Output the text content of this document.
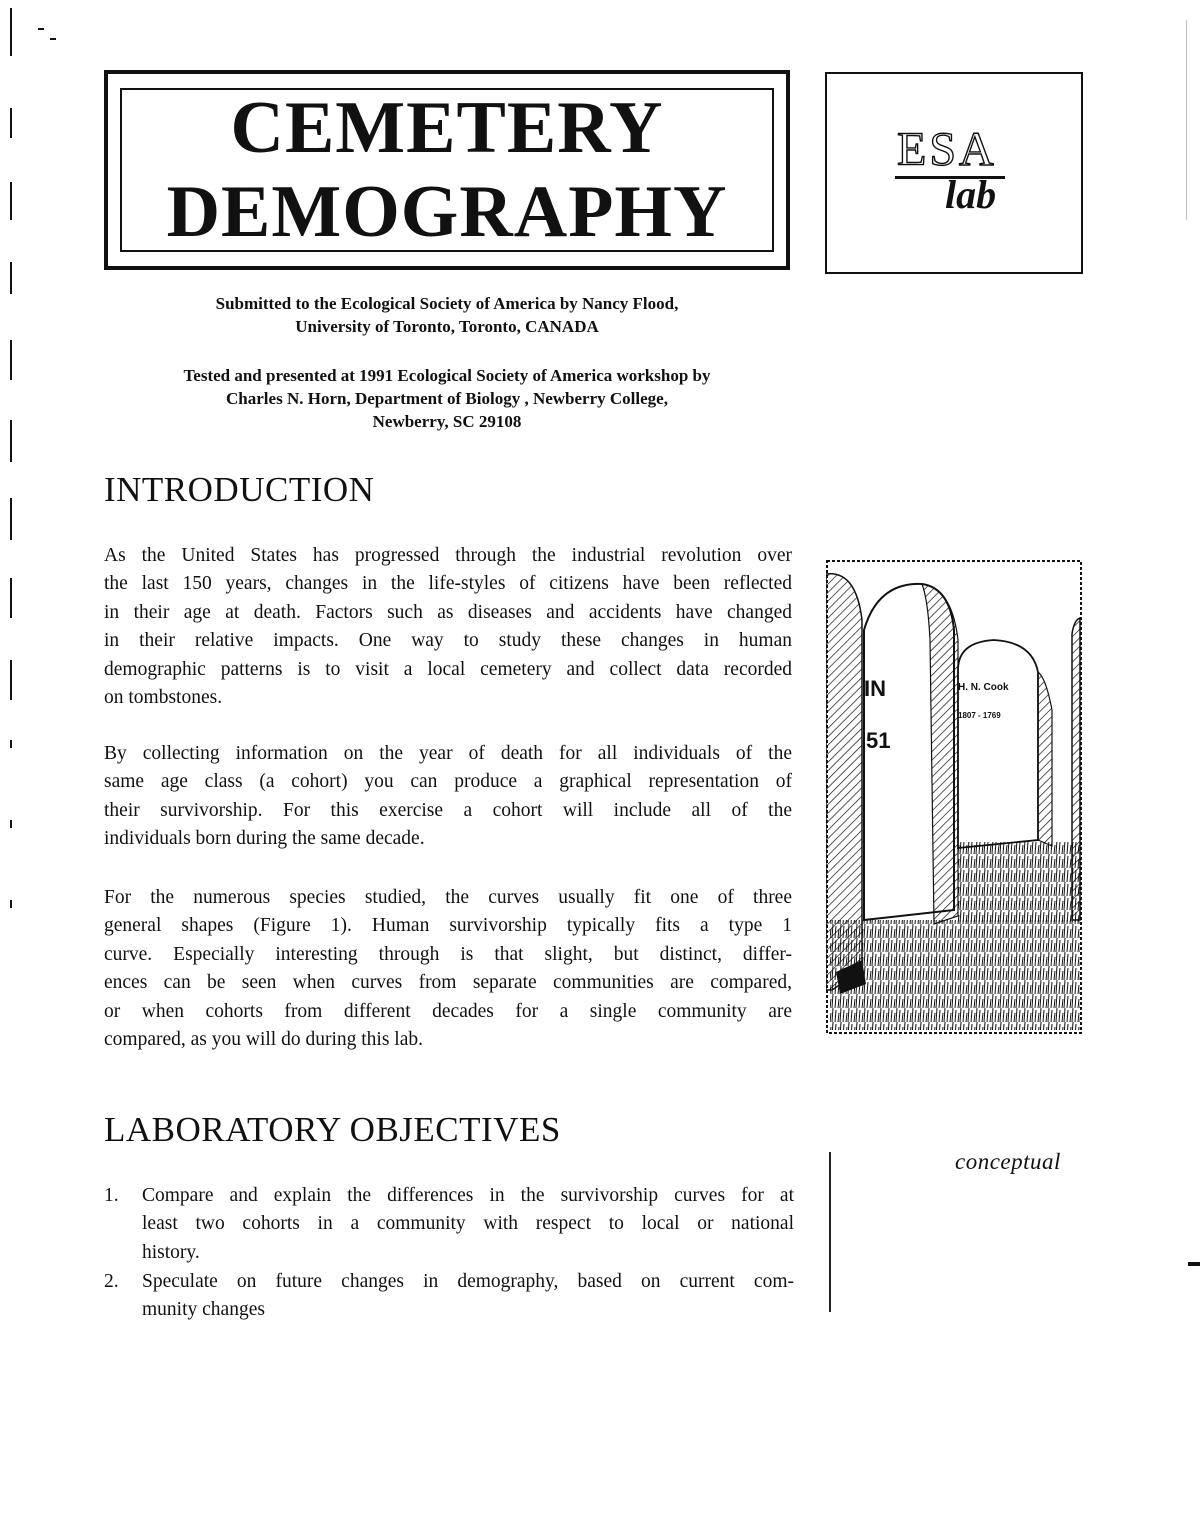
CEMETERY
DEMOGRAPHY
ESA
lab
Submitted to the Ecological Society of America by Nancy Flood,
University of Toronto, Toronto, CANADA
Tested and presented at 1991 Ecological Society of America workshop by
Charles N. Horn, Department of Biology , Newberry College,
Newberry, SC 29108
INTRODUCTION
As the United States has progressed through the industrial revolution over
the last 150 years, changes in the life-styles of citizens have been reflected
in their age at death. Factors such as diseases and accidents have changed
in their relative impacts. One way to study these changes in human
demographic patterns is to visit a local cemetery and collect data recorded
on tombstones.
By collecting information on the year of death for all individuals of the
same age class (a cohort) you can produce a graphical representation of
their survivorship. For this exercise a cohort will include all of the
individuals born during the same decade.
For the numerous species studied, the curves usually fit one of three
general shapes (Figure 1). Human survivorship typically fits a type 1
curve. Especially interesting through is that slight, but distinct, differ-
ences can be seen when curves from separate communities are compared,
or when cohorts from different decades for a single community are
compared, as you will do during this lab.
IN
51
H. N. Cook
1807 - 1769
LABORATORY OBJECTIVES
1. Compare and explain the differences in the survivorship curves for at
least two cohorts in a community with respect to local or national
history.
2. Speculate on future changes in demography, based on current com-
munity changes
conceptual
